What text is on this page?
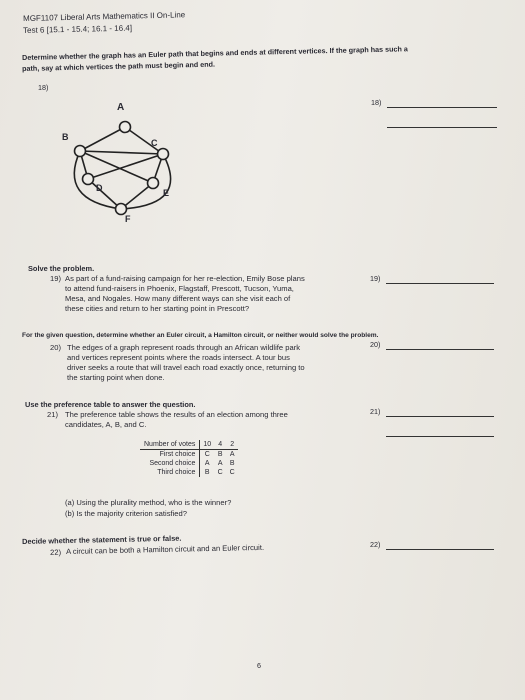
MGF1107 Liberal Arts Mathematics II On-Line
Test 6 [15.1 - 15.4; 16.1 - 16.4]
Determine whether the graph has an Euler path that begins and ends at different vertices. If the graph has such a
path, say at which vertices the path must begin and end.
18)
18)
A
B
C
D	E
F
Solve the problem.
19) As part of a fund-raising campaign for her re-election, Emily Bose plans
to attend fund-raisers in Phoenix, Flagstaff, Prescott, Tucson, Yuma,
Mesa, and Nogales. How many different ways can she visit each of
these cities and return to her starting point in Prescott?
19)
For the given question, determine whether an Euler circuit, a Hamilton circuit, or neither would solve the problem.
20) The edges of a graph represent roads through an African wildlife park
and vertices represent points where the roads intersect. A tour bus
driver seeks a route that will travel each road exactly once, returning to
the starting point when done.
20)
Use the preference table to answer the question.
21) The preference table shows the results of an election among three
candidates, A, B, and C.
21)
Number of votes	10	4	2
First choice	C	B	A
Second choice	A	A	B
Third choice	B	C	C
(a) Using the plurality method, who is the winner?
(b) Is the majority criterion satisfied?
Decide whether the statement is true or false.
22) A circuit can be both a Hamilton circuit and an Euler circuit.	22)
6
